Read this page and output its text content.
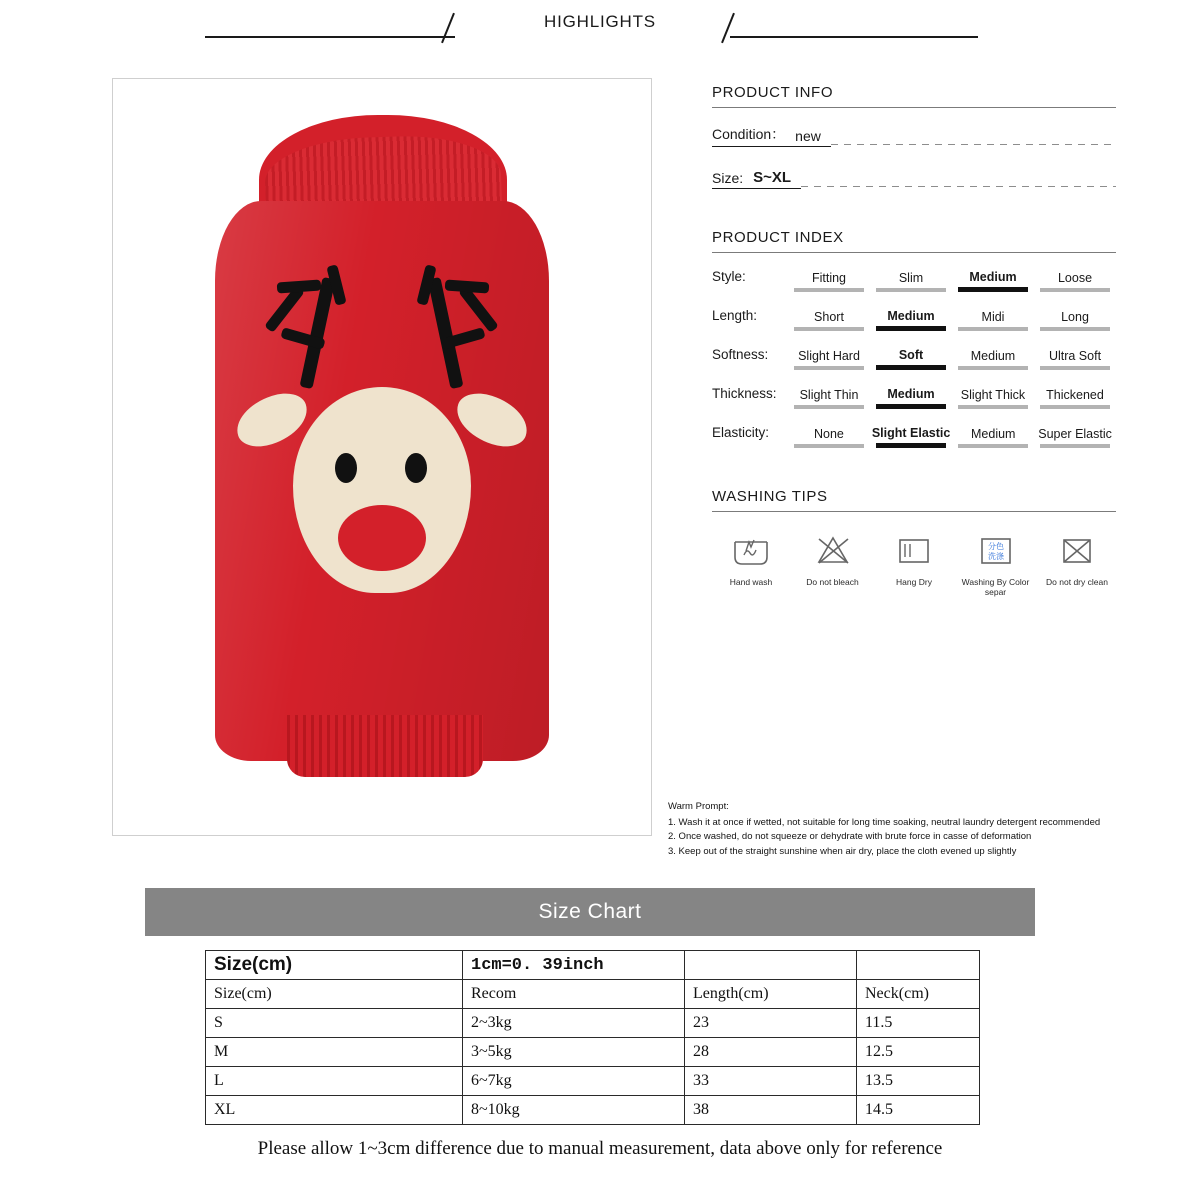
HIGHLIGHTS
PRODUCT INFO
Condition： new
Size: S~XL
PRODUCT INDEX
Style:	Fitting	Slim	Medium	Loose
Length:	Short	Medium	Midi	Long
Softness:	Slight Hard	Soft	Medium	Ultra Soft
Thickness:	Slight Thin	Medium	Slight Thick	Thickened
Elasticity:	None	Slight Elastic	Medium	Super Elastic
WASHING TIPS
Hand wash	Do not bleach	Hang Dry
分色
洗涤
Washing By Color separ
Do not dry clean
Warm Prompt:
1. Wash it at once if wetted, not suitable for long time soaking, neutral laundry detergent recommended
2. Once washed, do not squeeze or dehydrate with brute force in casse of deformation
3. Keep out of the straight sunshine when air dry, place the cloth evened up slightly
Size Chart
Size(cm)	1cm=0. 39inch		
Size(cm)	Recom	Length(cm)	Neck(cm)
S	2~3kg	23	11.5
M	3~5kg	28	12.5
L	6~7kg	33	13.5
XL	8~10kg	38	14.5
Please allow 1~3cm difference due to manual measurement, data above only for reference
